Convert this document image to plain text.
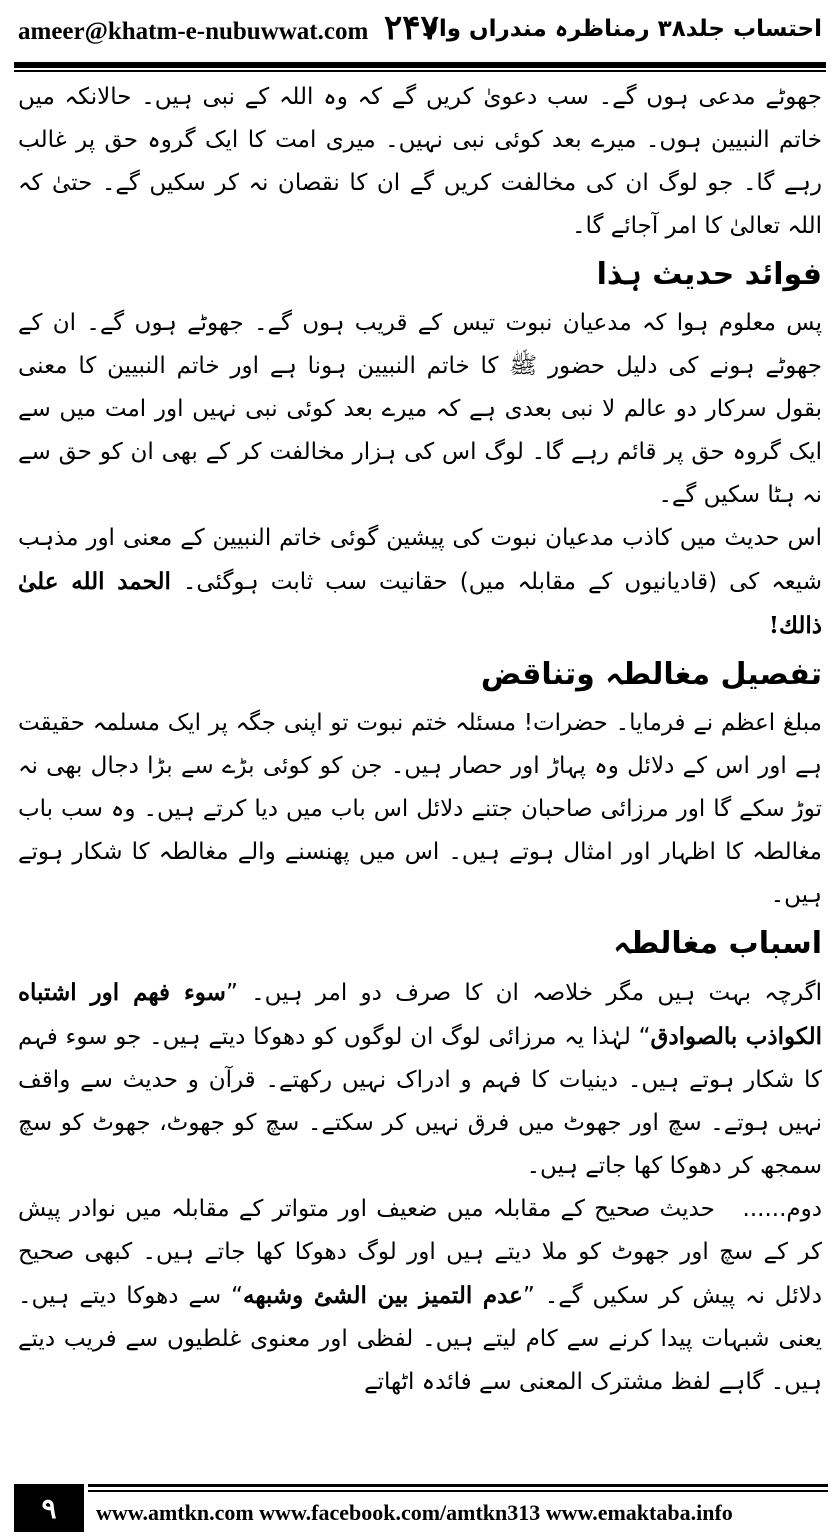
ameer@khatm-e-nubuwwat.com ۲۴۷
احتساب جلد۳۸ رمناظرہ مندراں والا

جھوٹے مدعی ہوں گے۔ سب دعویٰ کریں گے کہ وہ اللہ کے نبی ہیں۔ حالانکہ میں خاتم النبیین ہوں۔ میرے بعد کوئی نبی نہیں۔ میری امت کا ایک گروہ حق پر غالب رہے گا۔ جو لوگ ان کی مخالفت کریں گے ان کا نقصان نہ کر سکیں گے۔ حتیٰ کہ اللہ تعالیٰ کا امر آجائے گا۔

فوائد حدیث ہذا

پس معلوم ہوا کہ مدعیان نبوت تیس کے قریب ہوں گے۔ جھوٹے ہوں گے۔ ان کے جھوٹے ہونے کی دلیل حضور ﷺ کا خاتم النبیین ہونا ہے اور خاتم النبیین کا معنی بقول سرکار دو عالم لا نبی بعدی ہے کہ میرے بعد کوئی نبی نہیں اور امت میں سے ایک گروہ حق پر قائم رہے گا۔ لوگ اس کی ہزار مخالفت کر کے بھی ان کو حق سے نہ ہٹا سکیں گے۔

اس حدیث میں کاذب مدعیان نبوت کی پیشین گوئی خاتم النبیین کے معنی اور مذہب شیعہ کی (قادیانیوں کے مقابلہ میں) حقانیت سب ثابت ہوگئی۔ الحمد الله علىٰ ذالك!

تفصیل مغالطہ وتناقض

مبلغ اعظم نے فرمایا۔ حضرات! مسئلہ ختم نبوت تو اپنی جگہ پر ایک مسلمہ حقیقت ہے اور اس کے دلائل وہ پہاڑ اور حصار ہیں۔ جن کو کوئی بڑے سے بڑا دجال بھی نہ توڑ سکے گا اور مرزائی صاحبان جتنے دلائل اس باب میں دیا کرتے ہیں۔ وہ سب باب مغالطہ کا اظہار اور امثال ہوتے ہیں۔ اس میں پھنسنے والے مغالطہ کا شکار ہوتے ہیں۔

اسباب مغالطہ

اگرچہ بہت ہیں مگر خلاصہ ان کا صرف دو امر ہیں۔ ”سوء فهم اور اشتباه الكواذب بالصوادق“ لہٰذا یہ مرزائی لوگ ان لوگوں کو دھوکا دیتے ہیں۔ جو سوء فہم کا شکار ہوتے ہیں۔ دینیات کا فہم و ادراک نہیں رکھتے۔ قرآن و حدیث سے واقف نہیں ہوتے۔ سچ اور جھوٹ میں فرق نہیں کر سکتے۔ سچ کو جھوٹ، جھوٹ کو سچ سمجھ کر دھوکا کھا جاتے ہیں۔

دوم......   حدیث صحیح کے مقابلہ میں ضعیف اور متواتر کے مقابلہ میں نوادر پیش کر کے سچ اور جھوٹ کو ملا دیتے ہیں اور لوگ دھوکا کھا جاتے ہیں۔ کبھی صحیح دلائل نہ پیش کر سکیں گے۔ ”عدم التميز بين الشئ وشبهه“ سے دھوکا دیتے ہیں۔ یعنی شبہات پیدا کرنے سے کام لیتے ہیں۔ لفظی اور معنوی غلطیوں سے فریب دیتے ہیں۔ گاہے لفظ مشترک المعنی سے فائدہ اٹھاتے

۹	www.amtkn.com www.facebook.com/amtkn313 www.emaktaba.info
